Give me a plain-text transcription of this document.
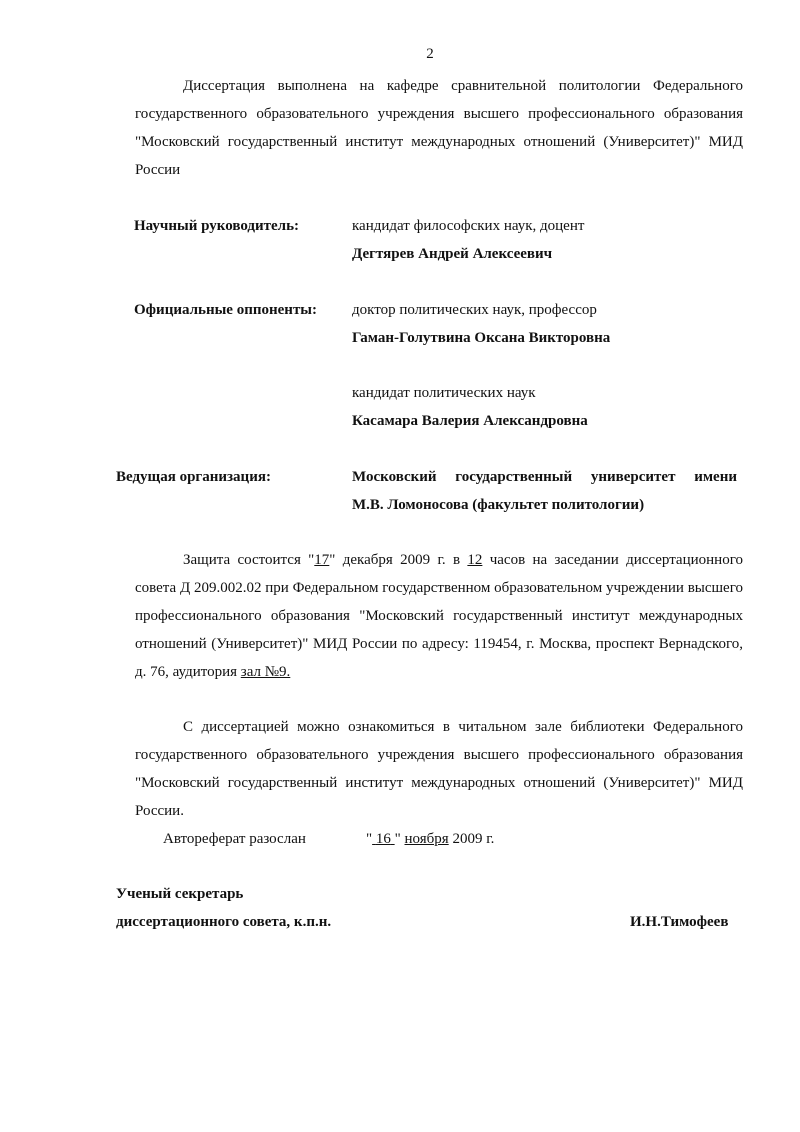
2

Диссертация выполнена на кафедре сравнительной политологии Федерального государственного образовательного учреждения высшего профессионального образования "Московский государственный институт международных отношений (Университет)" МИД России

Научный руководитель:	кандидат философских наук, доцент
Дегтярев Андрей Алексеевич
Официальные оппоненты: доктор политических наук, профессор
Гаман-Голутвина Оксана Викторовна
кандидат политических наук
Касамара Валерия Александровна
Ведущая организация:	Московский государственный университет имени
М.В. Ломоносова (факультет политологии)

Защита состоится "17" декабря 2009 г. в 12 часов на заседании диссертационного совета Д 209.002.02 при Федеральном государственном образовательном учреждении высшего профессионального образования "Московский государственный институт международных отношений (Университет)" МИД России по адресу: 119454, г. Москва, проспект Вернадского, д. 76, аудитория зал №9.

С диссертацией можно ознакомиться в читальном зале библиотеки Федерального государственного образовательного учреждения высшего профессионального образования "Московский государственный институт международных отношений (Университет)" МИД России.

Автореферат разослан	" 16 " ноября 2009 г.
Ученый секретарь
диссертационного совета, к.п.н.	И.Н.Тимофеев
